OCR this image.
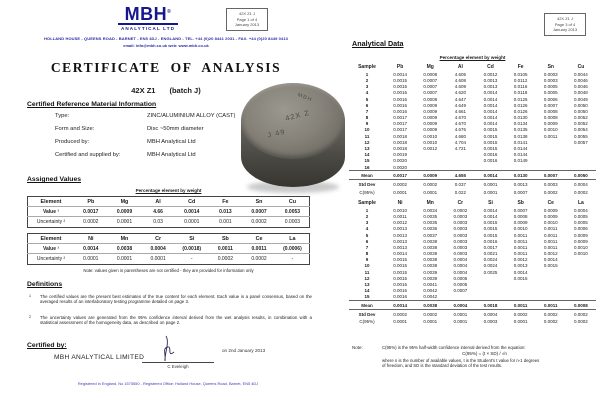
MBH®
ANALYTICAL LTD
42X Z1 J
Page 1 of 4
January 2013
HOLLAND HOUSE - QUEENS ROAD - BARNET - EN5 4DJ - ENGLAND - TEL. +44 (0)20 8441 2031 - FAX. +44 (0)20 8449 0413
email: info@mbh.co.uk web: www.mbh.co.uk
CERTIFICATE OF ANALYSIS
42X Z1 (batch J)
Certified Reference Material Information
Type:	ZINC/ALUMINIUM ALLOY (CAST)
Form and Size:	Disc ~50mm diameter
Produced by:	MBH Analytical Ltd
Certified and supplied by:	MBH Analytical Ltd
MBH
42X Z
J 49
Assigned Values
Percentage element by weight
Element	Pb	Mg	Al	Cd	Fe	Sn	Cu
Value ¹	0.0017	0.0009	4.66	0.0014	0.013	0.0007	0.0053
Uncertainty ²	0.0002	0.0001	0.03	0.0001	0.001	0.0002	0.0003
Element	Ni	Mn	Cr	Si	Sb	Ce	La
Value ¹	0.0014	0.0038	0.0004	(0.0018)	0.0011	0.0011	(0.0006)
Uncertainty ²	0.0001	0.0001	0.0001	-	0.0002	0.0002	-
Note: values given in parentheses are not certified - they are provided for information only
Definitions
1 The certified values are the present best estimates of the true content for each element. Each value is a panel consensus, based on the averaged results of an interlaboratory testing programme detailed on page 3.
2 The uncertainty values are generated from the 95% confidence interval derived from the wet analysis results, in combination with a statistical assessment of the homogeneity data, as described on page 2.
Certified by:
MBH ANALYTICAL LIMITED
C Eveleigh
on 2nd January 2013
Registered in England, No 1575550 - Registered Office: Holland House, Queens Road, Barnet, EN5 4DJ
42X Z1 J
Page 3 of 4
January 2013
Analytical Data
Percentage element by weight
Sample	Pb	Mg	Al	Cd	Fe	Sn	Cu
1	0.0014	0.0008	4.605	0.0012	0.0105	0.0003	0.0044
2	0.0015	0.0007	4.608	0.0013	0.0112	0.0003	0.0046
3	0.0015	0.0007	4.609	0.0013	0.0116	0.0005	0.0046
4	0.0016	0.0007	4.620	0.0014	0.0118	0.0005	0.0048
5	0.0016	0.0008	4.647	0.0014	0.0125	0.0006	0.0049
6	0.0016	0.0009	4.649	0.0014	0.0126	0.0007	0.0050
7	0.0016	0.0009	4.661	0.0014	0.0126	0.0008	0.0050
8	0.0017	0.0009	4.670	0.0014	0.0130	0.0008	0.0052
9	0.0017	0.0009	4.670	0.0014	0.0134	0.0009	0.0052
10	0.0017	0.0009	4.676	0.0015	0.0135	0.0010	0.0054
11	0.0018	0.0010	4.680	0.0015	0.0138	0.0011	0.0055
12	0.0018	0.0010	4.704	0.0015	0.0141		0.0057
13	0.0018	0.0012	4.721	0.0015	0.0144		
14	0.0019			0.0016	0.0144		
15	0.0020			0.0016	0.0149		
16	0.0020						
Mean	0.0017	0.0009	4.655	0.0014	0.0130	0.0007	0.0050
Std Dev	0.0002	0.0002	0.037	0.0001	0.0013	0.0003	0.0004
C(95%)	0.0001	0.0001	0.022	0.0001	0.0007	0.0002	0.0002
Sample	Ni	Mn	Cr	Si	Sb	Ce	La
1	0.0010	0.0034	0.0002	0.0014	0.0007	0.0009	0.0004
2	0.0011	0.0035	0.0003	0.0014	0.0008	0.0009	0.0005
3	0.0012	0.0035	0.0003	0.0015	0.0009	0.0010	0.0005
4	0.0013	0.0036	0.0003	0.0015	0.0010	0.0011	0.0006
5	0.0013	0.0037	0.0003	0.0015	0.0011	0.0011	0.0009
6	0.0013	0.0038	0.0003	0.0016	0.0011	0.0011	0.0009
7	0.0013	0.0038	0.0003	0.0017	0.0011	0.0011	0.0010
8	0.0014	0.0038	0.0003	0.0021	0.0011	0.0012	0.0010
9	0.0015	0.0038	0.0004	0.0024	0.0012	0.0014	
10	0.0015	0.0038	0.0004	0.0024	0.0013	0.0015	
11	0.0015	0.0039	0.0004	0.0025	0.0014		
12	0.0015	0.0039	0.0005		0.0015		
13	0.0016	0.0041	0.0005				
14	0.0016	0.0042	0.0007				
15	0.0016	0.0042					
Mean	0.0014	0.0038	0.0004	0.0018	0.0011	0.0011	0.0008
Std Dev	0.0002	0.0002	0.0001	0.0004	0.0002	0.0002	0.0002
C(95%)	0.0001	0.0001	0.0001	0.0003	0.0001	0.0002	0.0002
Note:	C(95%) is the 95% half-width confidence interval derived from the equation:
C(95%) = (t × SD) / √n
where n is the number of available values, t is the Student's t value for n-1 degrees
of freedom, and SD is the standard deviation of the test results.
